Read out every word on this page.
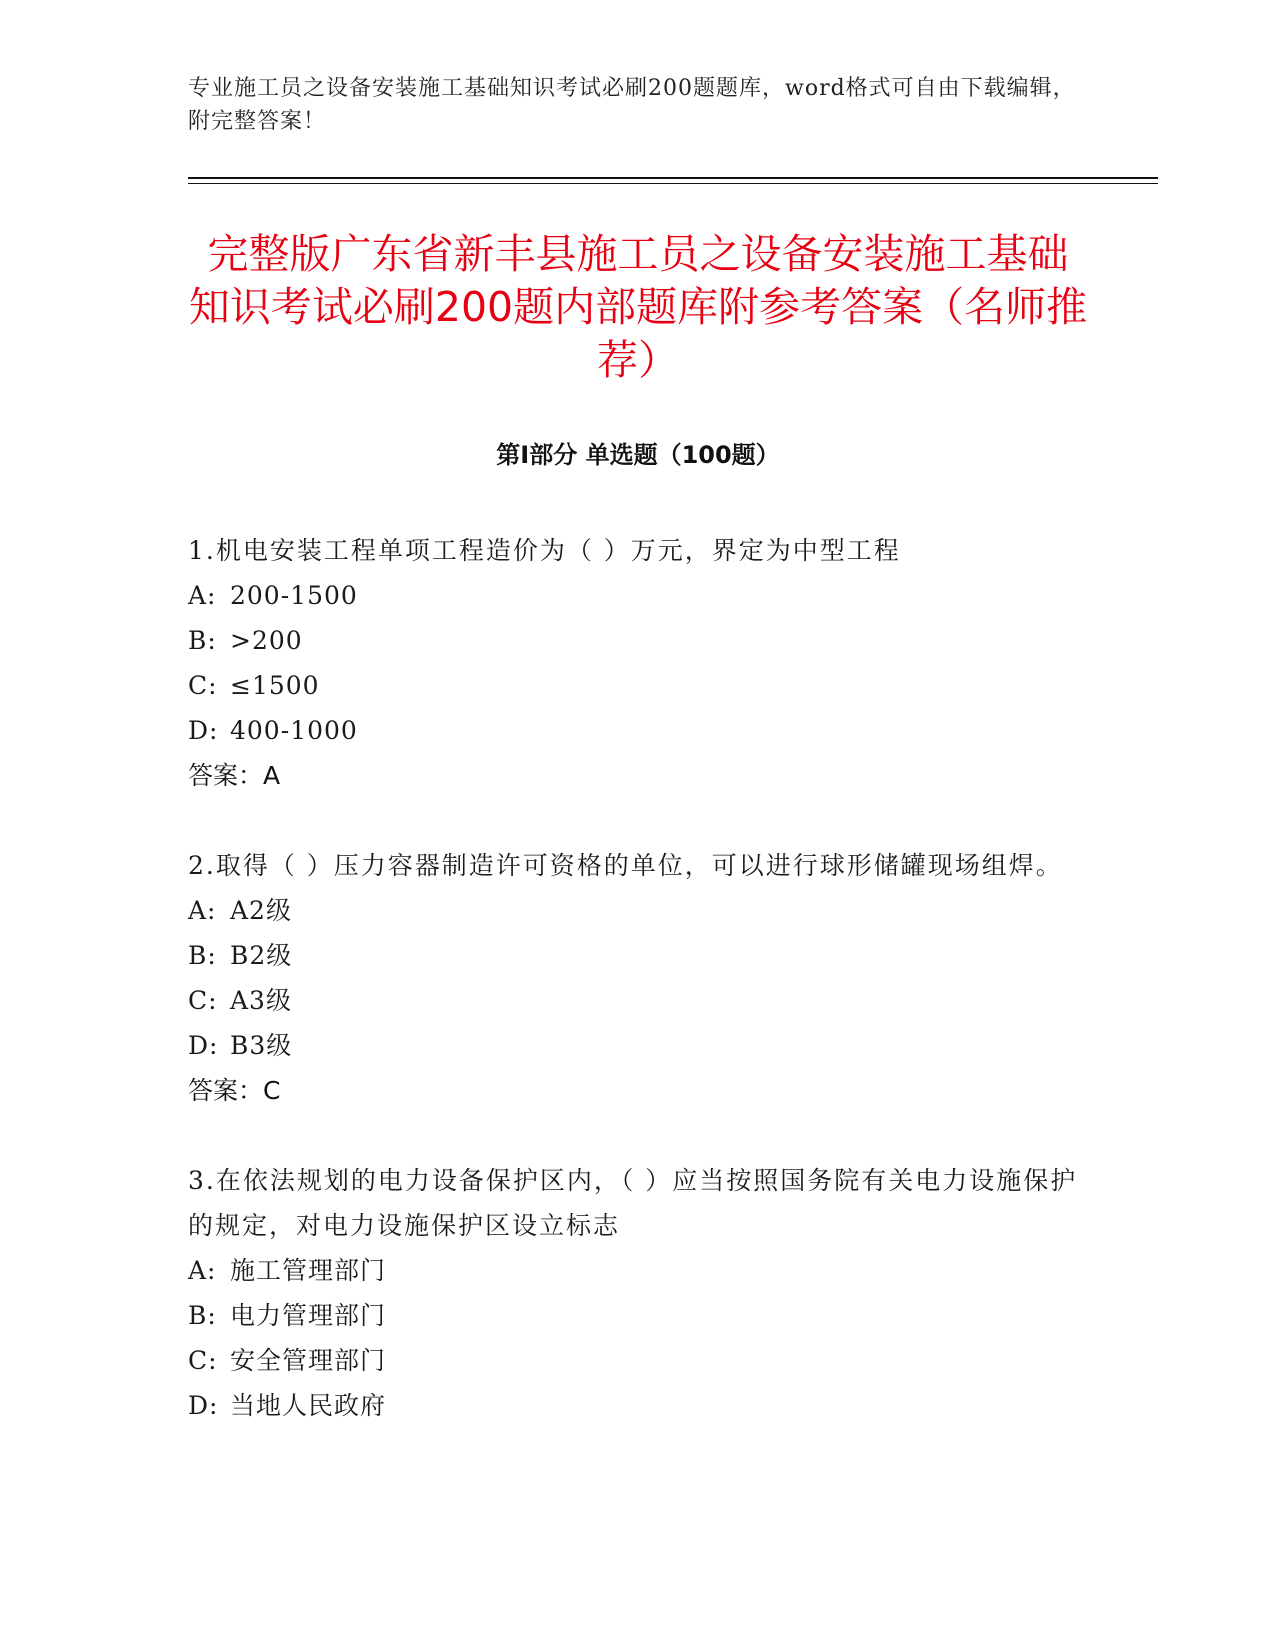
专业施工员之设备安装施工基础知识考试必刷200题题库，word格式可自由下载编辑，附完整答案！
完整版广东省新丰县施工员之设备安装施工基础知识考试必刷200题内部题库附参考答案（名师推荐）
第Ⅰ部分 单选题（100题）
1.机电安装工程单项工程造价为（ ）万元，界定为中型工程
A: 200-1500
B: >200
C: ≤1500
D: 400-1000
答案：A
2.取得（ ）压力容器制造许可资格的单位，可以进行球形储罐现场组焊。
A: A2级
B: B2级
C: A3级
D: B3级
答案：C
3.在依法规划的电力设备保护区内，（ ）应当按照国务院有关电力设施保护的规定，对电力设施保护区设立标志
A: 施工管理部门
B: 电力管理部门
C: 安全管理部门
D: 当地人民政府
